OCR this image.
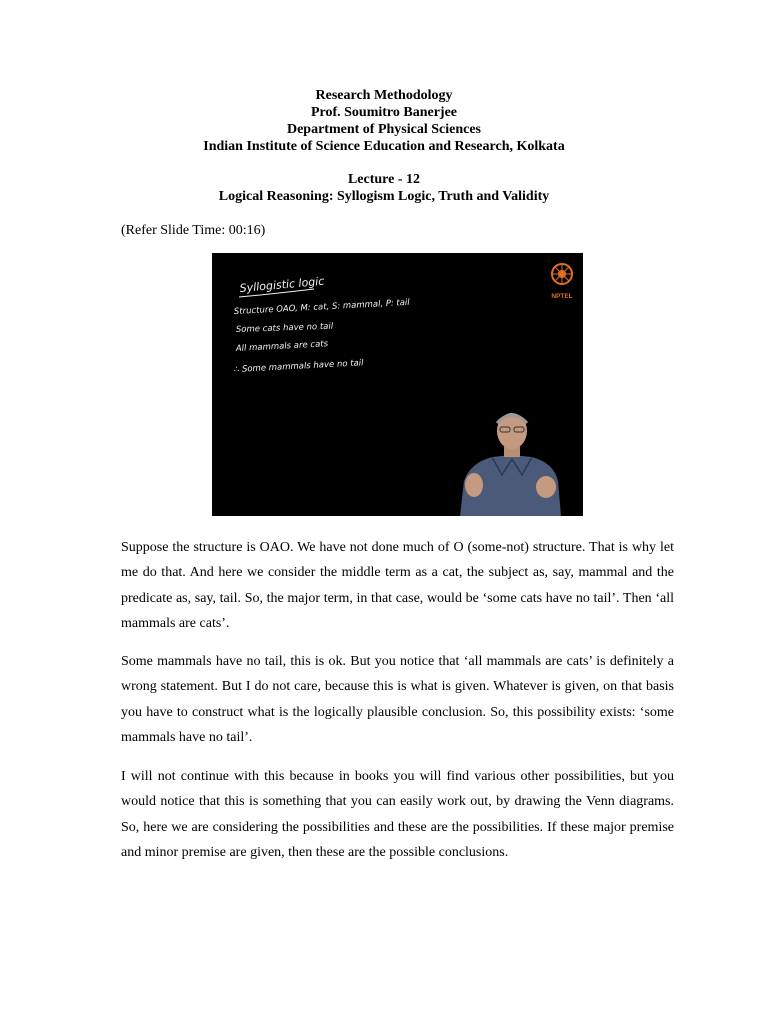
Research Methodology
Prof. Soumitro Banerjee
Department of Physical Sciences
Indian Institute of Science Education and Research, Kolkata
Lecture - 12
Logical Reasoning: Syllogism Logic, Truth and Validity
(Refer Slide Time: 00:16)
Syllogistic logic
Structure OAO, M: cat, S: mammal, P: tail
Some cats have no tail
All mammals are cats
∴ Some mammals have no tail
NPTEL
Suppose the structure is OAO. We have not done much of O (some-not) structure. That is why let me do that. And here we consider the middle term as a cat, the subject as, say, mammal and the predicate as, say, tail. So, the major term, in that case, would be ‘some cats have no tail’. Then ‘all mammals are cats’.
Some mammals have no tail, this is ok. But you notice that ‘all mammals are cats’ is definitely a wrong statement. But I do not care, because this is what is given. Whatever is given, on that basis you have to construct what is the logically plausible conclusion. So, this possibility exists: ‘some mammals have no tail’.
I will not continue with this because in books you will find various other possibilities, but you would notice that this is something that you can easily work out, by drawing the Venn diagrams. So, here we are considering the possibilities and these are the possibilities. If these major premise and minor premise are given, then these are the possible conclusions.
